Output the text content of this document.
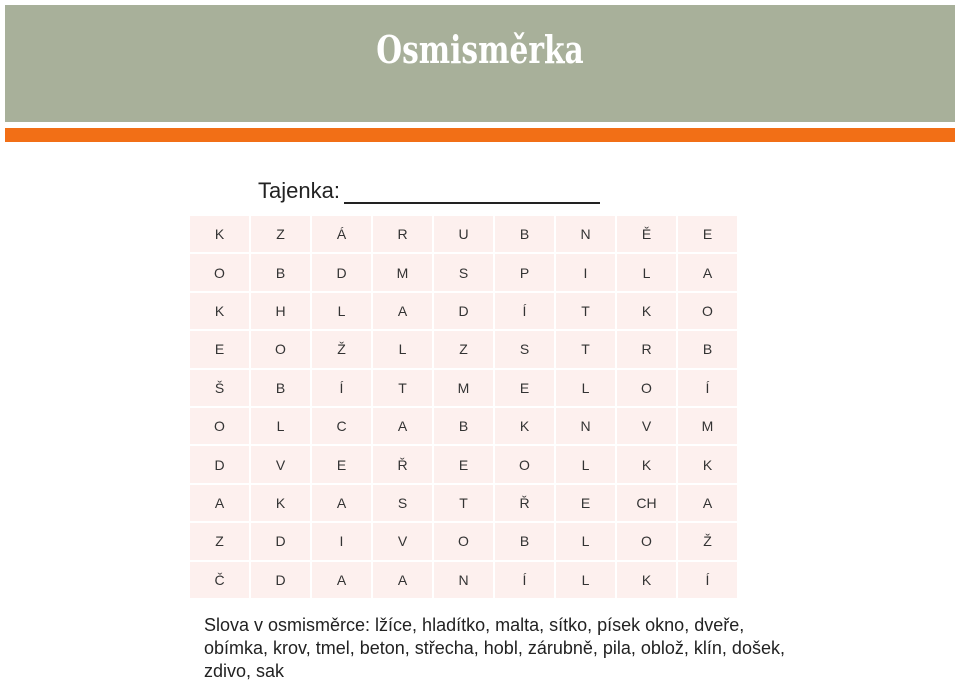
Osmisměrka
Tajenka:
K	Z	Á	R	U	B	N	Ě	E
O	B	D	M	S	P	I	L	A
K	H	L	A	D	Í	T	K	O
E	O	Ž	L	Z	S	T	R	B
Š	B	Í	T	M	E	L	O	Í
O	L	C	A	B	K	N	V	M
D	V	E	Ř	E	O	L	K	K
A	K	A	S	T	Ř	E	CH	A
Z	D	I	V	O	B	L	O	Ž
Č	D	A	A	N	Í	L	K	Í
Slova v osmisměrce: lžíce, hladítko, malta, sítko, písek okno, dveře, obímka, krov, tmel, beton, střecha, hobl, zárubně, pila, oblož, klín, došek, zdivo, sak
